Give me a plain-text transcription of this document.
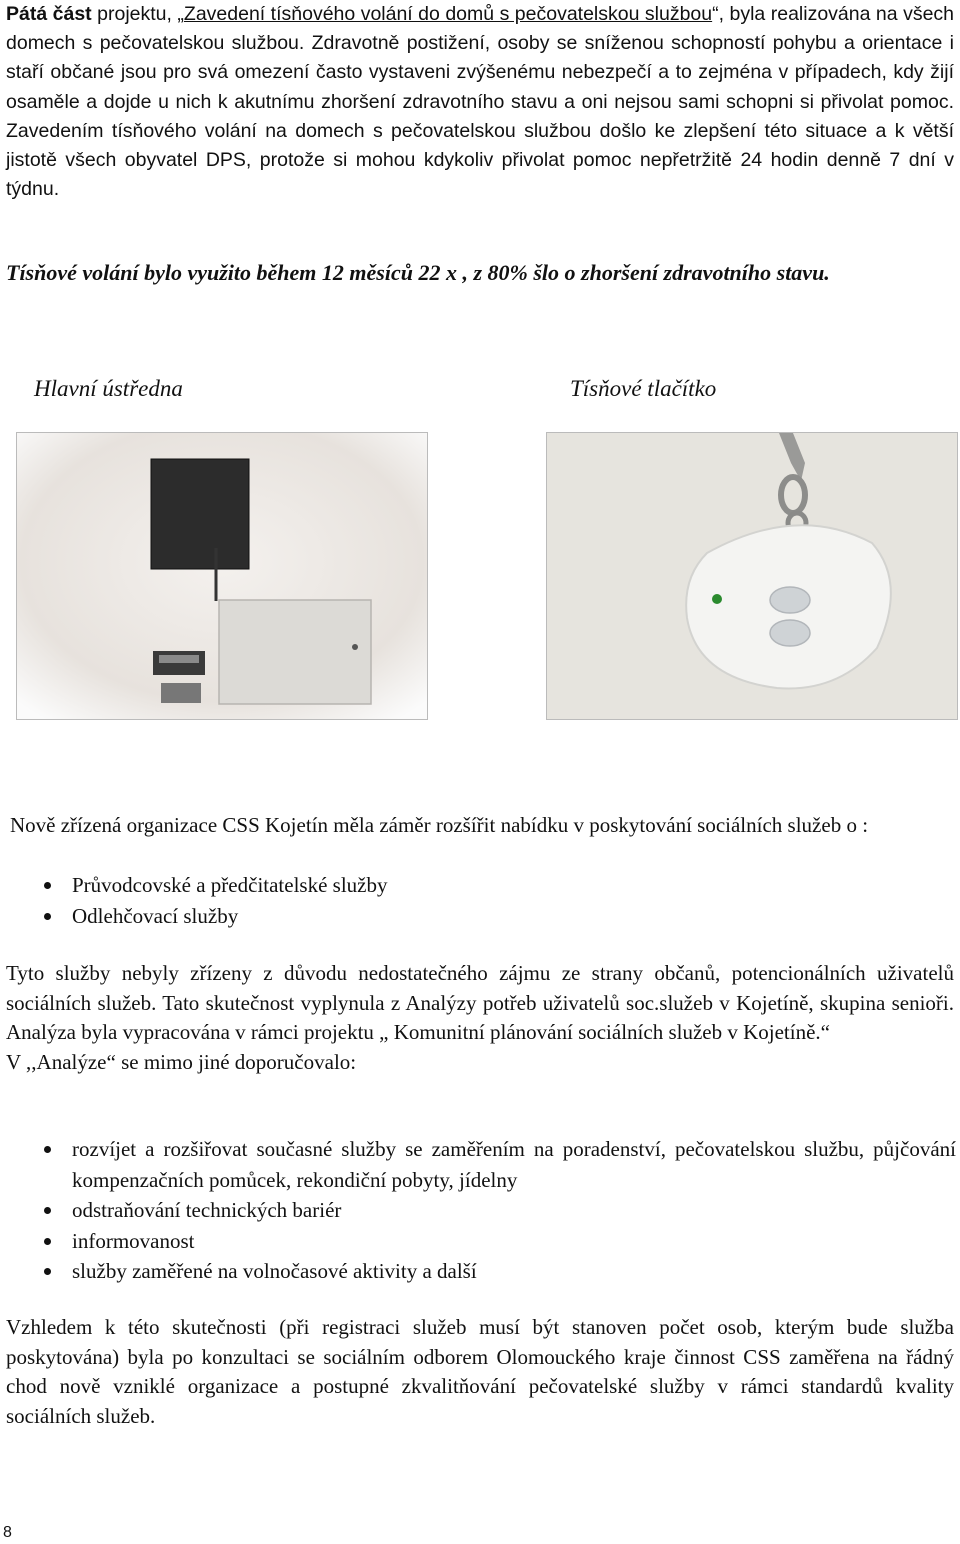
Pátá část projektu, „Zavedení tísňového volání do domů s pečovatelskou službou“, byla realizována na všech domech s pečovatelskou službou. Zdravotně postižení, osoby se sníženou schopností pohybu a orientace i staří občané jsou pro svá omezení často vystaveni zvýšenému nebezpečí a to zejména v případech, kdy žijí osaměle a dojde u nich k akutnímu zhoršení zdravotního stavu a oni nejsou sami schopni si přivolat pomoc. Zavedením tísňového volání na domech s pečovatelskou službou došlo ke zlepšení této situace a k větší jistotě všech obyvatel DPS, protože si mohou kdykoliv přivolat pomoc nepřetržitě 24 hodin denně 7 dní v týdnu.
Tísňové volání bylo využito během 12 měsíců 22 x , z 80% šlo o zhoršení zdravotního stavu.
Hlavní ústředna	Tísňové tlačítko
Nově zřízená organizace CSS Kojetín měla záměr rozšířit nabídku v poskytování sociálních služeb o :
Průvodcovské a předčitatelské služby
Odlehčovací služby
Tyto služby nebyly zřízeny z důvodu nedostatečného zájmu ze strany občanů, potencionálních uživatelů sociálních služeb. Tato skutečnost vyplynula z Analýzy potřeb uživatelů soc.služeb v Kojetíně, skupina senioři. Analýza byla vypracována v rámci projektu „ Komunitní plánování sociálních služeb v Kojetíně.“
V ,,Analýze“ se mimo jiné doporučovalo:
rozvíjet a rozšiřovat současné služby se zaměřením na poradenství, pečovatelskou službu, půjčování kompenzačních pomůcek, rekondiční pobyty, jídelny
odstraňování technických bariér
informovanost
služby zaměřené na volnočasové aktivity a další
Vzhledem k této skutečnosti (při registraci služeb musí být stanoven počet osob, kterým bude služba poskytována) byla po konzultaci se sociálním odborem Olomouckého kraje činnost CSS zaměřena na řádný chod nově vzniklé organizace a postupné zkvalitňování pečovatelské služby v rámci standardů kvality sociálních služeb.
8
